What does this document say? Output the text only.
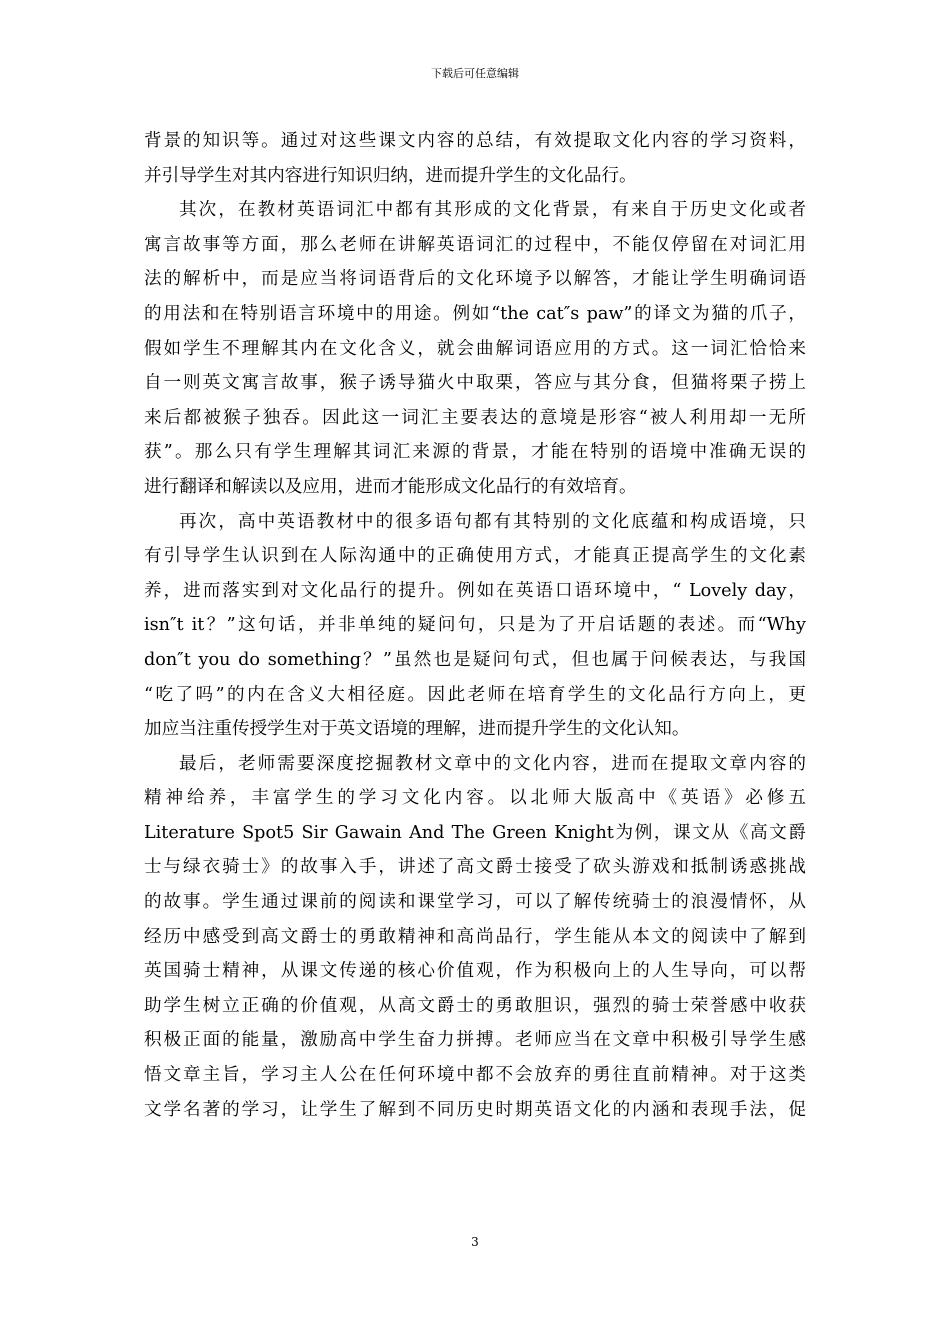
下载后可任意编辑
背景的知识等。通过对这些课文内容的总结，有效提取文化内容的学习资料，
并引导学生对其内容进行知识归纳，进而提升学生的文化品行。
其次，在教材英语词汇中都有其形成的文化背景，有来自于历史文化或者
寓言故事等方面，那么老师在讲解英语词汇的过程中，不能仅停留在对词汇用
法的解析中，而是应当将词语背后的文化环境予以解答，才能让学生明确词语
的用法和在特别语言环境中的用途。例如“the cat″s paw”的译文为猫的爪子，
假如学生不理解其内在文化含义，就会曲解词语应用的方式。这一词汇恰恰来
自一则英文寓言故事，猴子诱导猫火中取栗，答应与其分食，但猫将栗子捞上
来后都被猴子独吞。因此这一词汇主要表达的意境是形容“被人利用却一无所
获”。那么只有学生理解其词汇来源的背景，才能在特别的语境中准确无误的
进行翻译和解读以及应用，进而才能形成文化品行的有效培育。
再次，高中英语教材中的很多语句都有其特别的文化底蕴和构成语境，只
有引导学生认识到在人际沟通中的正确使用方式，才能真正提高学生的文化素
养，进而落实到对文化品行的提升。例如在英语口语环境中，“ Lovely day，
isn″t it？”这句话，并非单纯的疑问句，只是为了开启话题的表述。而“Why
don″t you do something？”虽然也是疑问句式，但也属于问候表达，与我国
“吃了吗”的内在含义大相径庭。因此老师在培育学生的文化品行方向上，更
加应当注重传授学生对于英文语境的理解，进而提升学生的文化认知。
最后，老师需要深度挖掘教材文章中的文化内容，进而在提取文章内容的
精神给养，丰富学生的学习文化内容。以北师大版高中《英语》必修五
Literature Spot5 Sir Gawain And The Green Knight为例，课文从《高文爵
士与绿衣骑士》的故事入手，讲述了高文爵士接受了砍头游戏和抵制诱惑挑战
的故事。学生通过课前的阅读和课堂学习，可以了解传统骑士的浪漫情怀，从
经历中感受到高文爵士的勇敢精神和高尚品行，学生能从本文的阅读中了解到
英国骑士精神，从课文传递的核心价值观，作为积极向上的人生导向，可以帮
助学生树立正确的价值观，从高文爵士的勇敢胆识，强烈的骑士荣誉感中收获
积极正面的能量，激励高中学生奋力拼搏。老师应当在文章中积极引导学生感
悟文章主旨，学习主人公在任何环境中都不会放弃的勇往直前精神。对于这类
文学名著的学习，让学生了解到不同历史时期英语文化的内涵和表现手法，促
3
